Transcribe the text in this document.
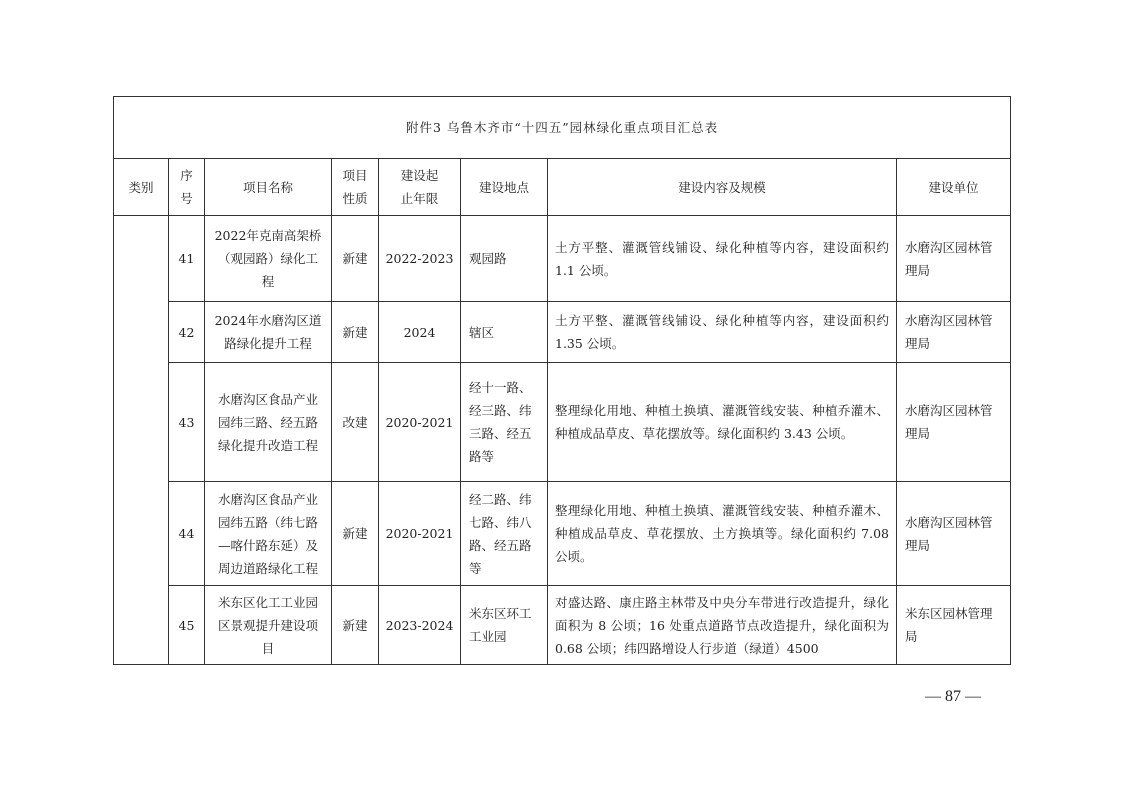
附件3 乌鲁木齐市“十四五”园林绿化重点项目汇总表							
类别	序号	项目名称	项目性质	建设起止年限	建设地点	建设内容及规模	建设单位
	41	2022年克南高架桥（观园路）绿化工程	新建	2022-2023	观园路	土方平整、灌溉管线铺设、绿化种植等内容，建设面积约 1.1 公顷。	水磨沟区园林管理局
	42	2024年水磨沟区道路绿化提升工程	新建	2024	辖区	土方平整、灌溉管线铺设、绿化种植等内容，建设面积约 1.35 公顷。	水磨沟区园林管理局
	43	水磨沟区食品产业园纬三路、经五路绿化提升改造工程	改建	2020-2021	经十一路、经三路、纬三路、经五路等	整理绿化用地、种植土换填、灌溉管线安装、种植乔灌木、种植成品草皮、草花摆放等。绿化面积约 3.43 公顷。	水磨沟区园林管理局
	44	水磨沟区食品产业园纬五路（纬七路—喀什路东延）及周边道路绿化工程	新建	2020-2021	经二路、纬七路、纬八路、经五路等	整理绿化用地、种植土换填、灌溉管线安装、种植乔灌木、种植成品草皮、草花摆放、土方换填等。绿化面积约 7.08 公顷。	水磨沟区园林管理局
	45	米东区化工工业园区景观提升建设项目	新建	2023-2024	米东区环工工业园	对盛达路、康庄路主林带及中央分车带进行改造提升，绿化面积为 8 公顷；16 处重点道路节点改造提升，绿化面积为 0.68 公顷；纬四路增设人行步道（绿道）4500	米东区园林管理局
— 87 —
